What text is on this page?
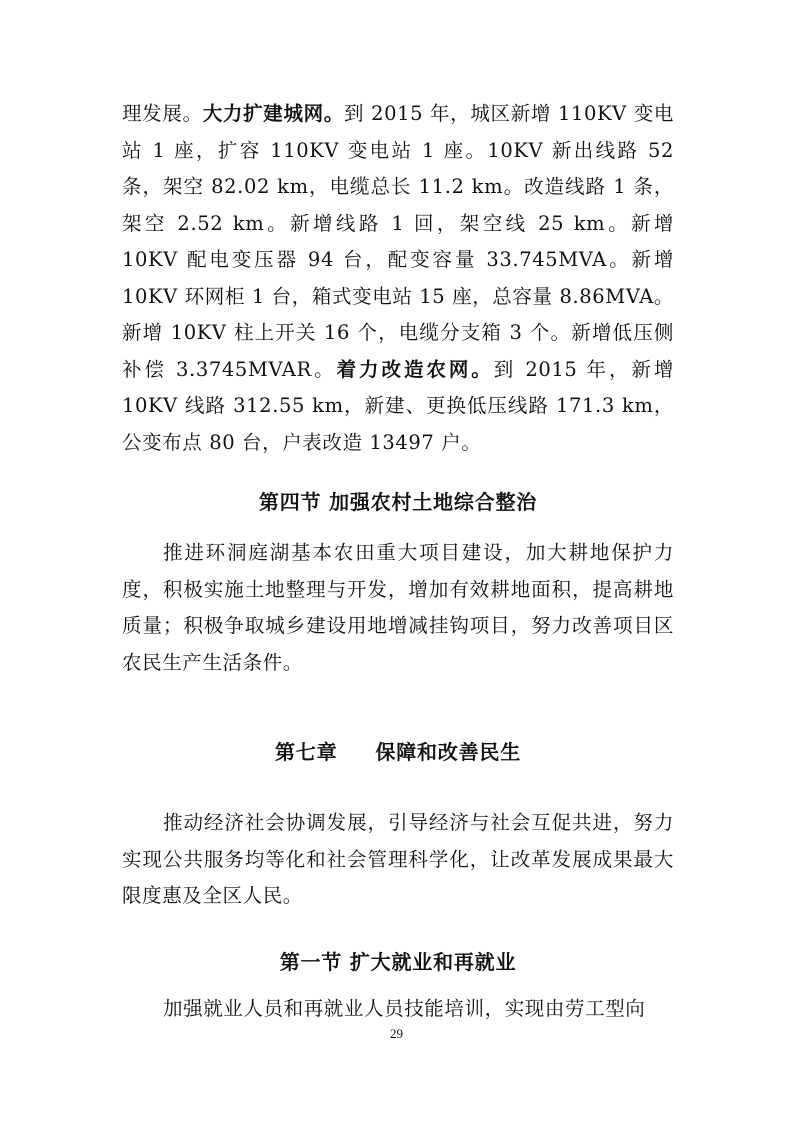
理发展。大力扩建城网。到 2015 年，城区新增 110KV 变电站 1 座，扩容 110KV 变电站 1 座。10KV 新出线路 52 条，架空 82.02 km，电缆总长 11.2 km。改造线路 1 条，架空 2.52 km。新增线路 1 回，架空线 25 km。新增 10KV 配电变压器 94 台，配变容量 33.745MVA。新增 10KV 环网柜 1 台，箱式变电站 15 座，总容量 8.86MVA。新增 10KV 柱上开关 16 个，电缆分支箱 3 个。新增低压侧补偿 3.3745MVAR。着力改造农网。到 2015 年，新增 10KV 线路 312.55 km，新建、更换低压线路 171.3 km，公变布点 80 台，户表改造 13497 户。

第四节 加强农村土地综合整治

推进环洞庭湖基本农田重大项目建设，加大耕地保护力度，积极实施土地整理与开发，增加有效耕地面积，提高耕地质量；积极争取城乡建设用地增减挂钩项目，努力改善项目区农民生产生活条件。

第七章 保障和改善民生

推动经济社会协调发展，引导经济与社会互促共进，努力实现公共服务均等化和社会管理科学化，让改革发展成果最大限度惠及全区人民。

第一节 扩大就业和再就业

加强就业人员和再就业人员技能培训，实现由劳工型向

29
